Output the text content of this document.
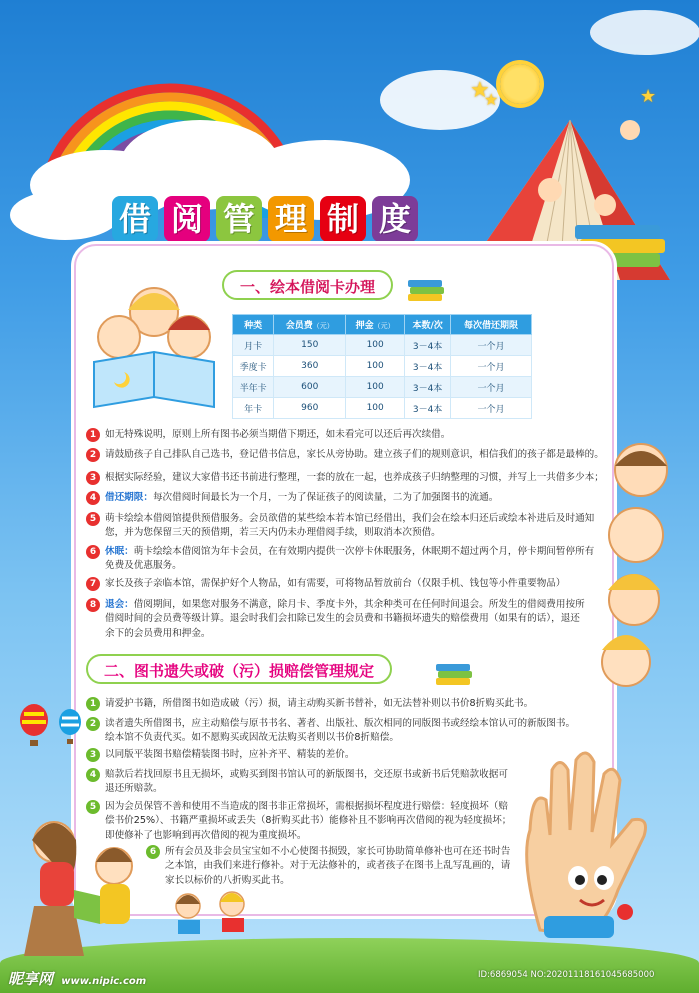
★
★	★
借 阅 管 理 制 度
一、绘本借阅卡办理
种类	会员费（元）	押金（元）	本数/次	每次借还期限
月卡	150	100	3－4本	一个月
季度卡	360	100	3－4本	一个月
半年卡	600	100	3－4本	一个月
年卡	960	100	3－4本	一个月
1 如无特殊说明，原则上所有图书必须当期借下期还，如未看完可以还后再次续借。
2 请鼓励孩子自己排队自己选书，登记借书信息，家长从旁协助。建立孩子们的规则意识，相信我们的孩子都是最棒的。
3 根据实际经验，建议大家借书还书前进行整理，一套的放在一起，也养成孩子归纳整理的习惯，并写上一共借多少本；
4 借还期限：每次借阅时间最长为一个月，一为了保证孩子的阅读量，二为了加强图书的流通。
5 萌卡绘绘本借阅馆提供预借服务。会员欲借的某些绘本若本馆已经借出，我们会在绘本归还后或绘本补进后及时通知您，并为您保留三天的预借期，若三天内仍未办理借阅手续，则取消本次预借。
6 休眠：萌卡绘绘本借阅馆为年卡会员，在有效期内提供一次停卡休眠服务，休眠期不超过两个月，停卡期间暂停所有免费及优惠服务。
7 家长及孩子亲临本馆，需保护好个人物品，如有需要，可将物品暂放前台（仅限手机、钱包等小件重要物品）
8 退会：借阅期间，如果您对服务不满意，除月卡、季度卡外，其余种类可在任何时间退会。所发生的借阅费用按所借阅时间的会员费等级计算。退会时我们会扣除已发生的会员费和书籍损坏遗失的赔偿费用（如果有的话），退还余下的会员费用和押金。
二、图书遗失或破（污）损赔偿管理规定
1 请爱护书籍，所借图书如造成破（污）损，请主动购买新书替补，如无法替补则以书价8折购买此书。
2 读者遗失所借图书，应主动赔偿与原书书名、著者、出版社、版次相同的同版图书或经绘本馆认可的新版图书。绘本馆不负责代买。如不愿购买或因故无法购买者则以书价8折赔偿。
3 以同版平装图书赔偿精装图书时，应补齐平、精装的差价。
4 赔款后若找回原书且无损坏，或购买到图书馆认可的新版图书，交还原书或新书后凭赔款收据可退还所赔款。
5 因为会员保管不善和使用不当造成的图书非正常损坏，需根据损坏程度进行赔偿：轻度损坏（赔偿书价25%）、书籍严重损坏或丢失（8折购买此书）能修补且不影响再次借阅的视为轻度损坏；即使修补了也影响到再次借阅的视为重度损坏。
6 所有会员及非会员宝宝如不小心使图书损毁，家长可协助简单修补也可在还书时告之本馆，由我们来进行修补。对于无法修补的，或者孩子在图书上乱写乱画的，请家长以标价的八折购买此书。
昵享网 www.nipic.com
ID:6869054 NO:20201118161045685000
